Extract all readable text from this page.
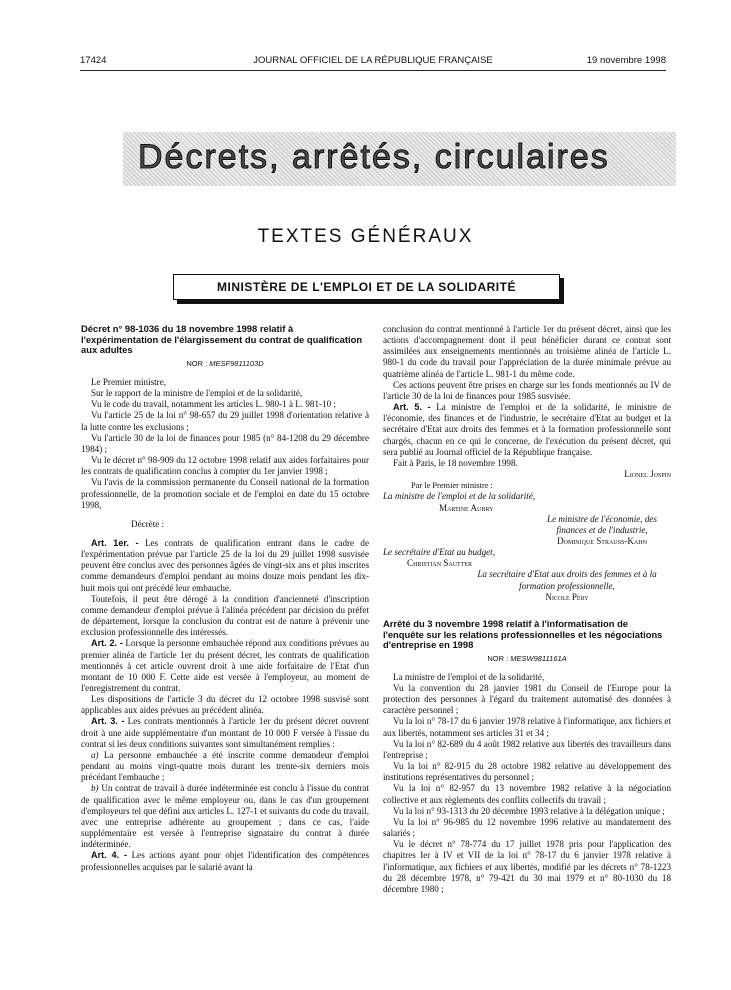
17424	JOURNAL OFFICIEL DE LA RÉPUBLIQUE FRANÇAISE	19 novembre 1998
Décrets, arrêtés, circulaires
TEXTES GÉNÉRAUX
MINISTÈRE DE L'EMPLOI ET DE LA SOLIDARITÉ

Décret n° 98-1036 du 18 novembre 1998 relatif à l'expérimentation de l'élargissement du contrat de qualification aux adultes

NOR : MESF9811103D

Le Premier ministre,

Sur le rapport de la ministre de l'emploi et de la solidarité,

Vu le code du travail, notamment les articles L. 980-1 à L. 981-10 ;

Vu l'article 25 de la loi n° 98-657 du 29 juillet 1998 d'orientation relative à la lutte contre les exclusions ;

Vu l'article 30 de la loi de finances pour 1985 (n° 84-1208 du 29 décembre 1984) ;

Vu le décret n° 98-909 du 12 octobre 1998 relatif aux aides forfaitaires pour les contrats de qualification conclus à compter du 1er janvier 1998 ;

Vu l'avis de la commission permanente du Conseil national de la formation professionnelle, de la promotion sociale et de l'emploi en date du 15 octobre 1998,

Décrète :

Art. 1er. - Les contrats de qualification entrant dans le cadre de l'expérimentation prévue par l'article 25 de la loi du 29 juillet 1998 susvisée peuvent être conclus avec des personnes âgées de vingt-six ans et plus inscrites comme demandeurs d'emploi pendant au moins douze mois pendant les dix-huit mois qui ont précédé leur embauche.

Toutefois, il peut être dérogé à la condition d'ancienneté d'inscription comme demandeur d'emploi prévue à l'alinéa précédent par décision du préfet de département, lorsque la conclusion du contrat est de nature à prévenir une exclusion professionnelle des intéressés.

Art. 2. - Lorsque la personne embauchée répond aux conditions prévues au premier alinéa de l'article 1er du présent décret, les contrats de qualification mentionnés à cet article ouvrent droit à une aide forfaitaire de l'Etat d'un montant de 10 000 F. Cette aide est versée à l'employeur, au moment de l'enregistrement du contrat.

Les dispositions de l'article 3 du décret du 12 octobre 1998 susvisé sont applicables aux aides prévues au précédent alinéa.

Art. 3. - Les contrats mentionnés à l'article 1er du présent décret ouvrent droit à une aide supplémentaire d'un montant de 10 000 F versée à l'issue du contrat si les deux conditions suivantes sont simultanément remplies :

a) La personne embauchée a été inscrite comme demandeur d'emploi pendant au moins vingt-quatre mois durant les trente-six derniers mois précédant l'embauche ;

b) Un contrat de travail à durée indéterminée est conclu à l'issue du contrat de qualification avec le même employeur ou, dans le cas d'un groupement d'employeurs tel que défini aux articles L. 127-1 et suivants du code du travail, avec une entreprise adhérente au groupement ; dans ce cas, l'aide supplémentaire est versée à l'entreprise signataire du contrat à durée indéterminée.

Art. 4. - Les actions ayant pour objet l'identification des compétences professionnelles acquises par le salarié avant la

conclusion du contrat mentionné à l'article 1er du présent décret, ainsi que les actions d'accompagnement dont il peut bénéficier durant ce contrat sont assimilées aux enseignements mentionnés au troisième alinéa de l'article L. 980-1 du code du travail pour l'appréciation de la durée minimale prévue au quatrième alinéa de l'article L. 981-1 du même code.

Ces actions peuvent être prises en charge sur les fonds mentionnés au IV de l'article 30 de la loi de finances pour 1985 susvisée.

Art. 5. - La ministre de l'emploi et de la solidarité, le ministre de l'économie, des finances et de l'industrie, le secrétaire d'Etat au budget et la secrétaire d'Etat aux droits des femmes et à la formation professionnelle sont chargés, chacun en ce qui le concerne, de l'exécution du présent décret, qui sera publié au Journal officiel de la République française.

Fait à Paris, le 18 novembre 1998.

Lionel Jospin

Par le Premier ministre :

La ministre de l'emploi et de la solidarité,

Martine Aubry

Le ministre de l'économie, des finances et de l'industrie,

Dominique Strauss-Kahn

Le secrétaire d'Etat au budget,

Christian Sautter

La secrétaire d'Etat aux droits des femmes et à la formation professionnelle,

Nicole Péry

Arrêté du 3 novembre 1998 relatif à l'informatisation de l'enquête sur les relations professionnelles et les négociations d'entreprise en 1998

NOR : MESW9811161A

La ministre de l'emploi et de la solidarité,

Vu la convention du 28 janvier 1981 du Conseil de l'Europe pour la protection des personnes à l'égard du traitement automatisé des données à caractère personnel ;

Vu la loi n° 78-17 du 6 janvier 1978 relative à l'informatique, aux fichiers et aux libertés, notamment ses articles 31 et 34 ;

Vu la loi n° 82-689 du 4 août 1982 relative aux libertés des travailleurs dans l'entreprise ;

Vu la loi n° 82-915 du 28 octobre 1982 relative au développement des institutions représentatives du personnel ;

Vu la loi n° 82-957 du 13 novembre 1982 relative à la négociation collective et aux règlements des conflits collectifs du travail ;

Vu la loi n° 93-1313 du 20 décembre 1993 relative à la délégation unique ;

Vu la loi n° 96-985 du 12 novembre 1996 relative au mandatement des salariés ;

Vu le décret n° 78-774 du 17 juillet 1978 pris pour l'application des chapitres Ier à IV et VII de la loi n° 78-17 du 6 janvier 1978 relative à l'informatique, aux fichiers et aux libertés, modifié par les décrets n° 78-1223 du 28 décembre 1978, n° 79-421 du 30 mai 1979 et n° 80-1030 du 18 décembre 1980 ;
